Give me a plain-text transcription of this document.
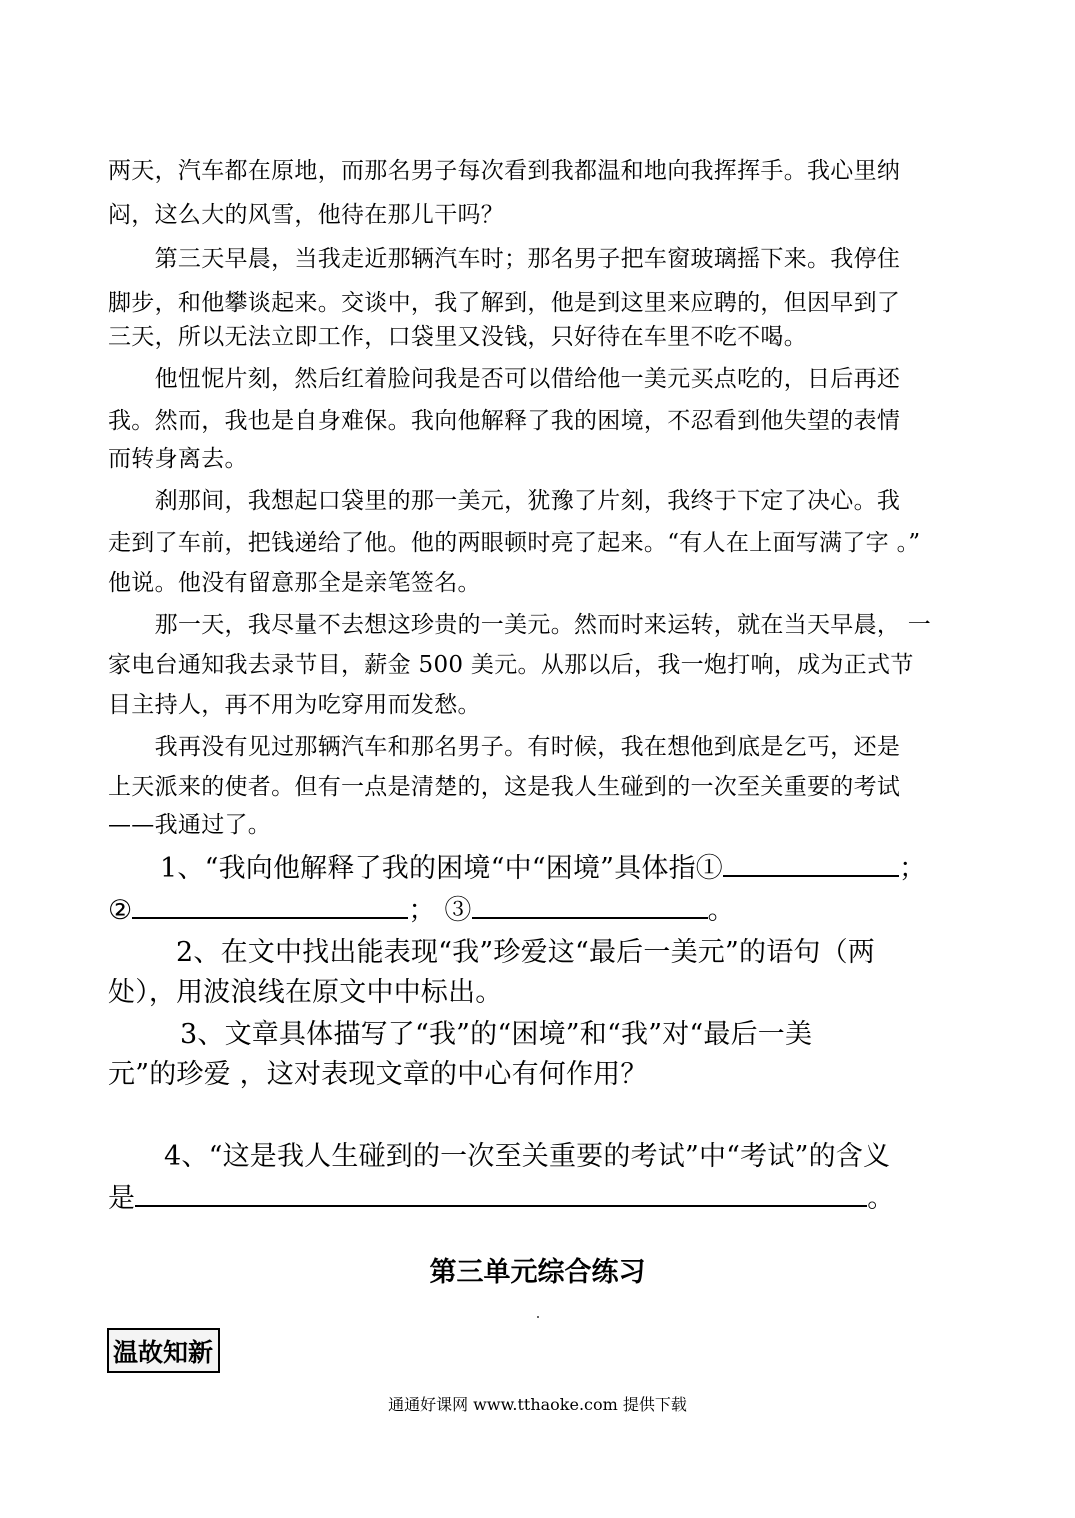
两天，汽车都在原地，而那名男子每次看到我都温和地向我挥挥手。我心里纳
闷，这么大的风雪，他待在那儿干吗？
　　第三天早晨，当我走近那辆汽车时；那名男子把车窗玻璃摇下来。我停住
脚步，和他攀谈起来。交谈中，我了解到，他是到这里来应聘的，但因早到了
三天，所以无法立即工作，口袋里又没钱，只好待在车里不吃不喝。
　　他忸怩片刻，然后红着脸问我是否可以借给他一美元买点吃的，日后再还
我。然而，我也是自身难保。我向他解释了我的困境，不忍看到他失望的表情
而转身离去。
　　刹那间，我想起口袋里的那一美元，犹豫了片刻，我终于下定了决心。我
走到了车前，把钱递给了他。他的两眼顿时亮了起来。“有人在上面写满了字 。”
他说。他没有留意那全是亲笔签名。
　　那一天，我尽量不去想这珍贵的一美元。然而时来运转，就在当天早晨， 一
家电台通知我去录节目，薪金 500 美元。从那以后，我一炮打响，成为正式节
目主持人，再不用为吃穿用而发愁。
　　我再没有见过那辆汽车和那名男子。有时候，我在想他到底是乞丐，还是
上天派来的使者。但有一点是清楚的，这是我人生碰到的一次至关重要的考试
——我通过了。
1、“我向他解释了我的困境“中“困境”具体指①	；
②	； ③	。
2、在文中找出能表现“我”珍爱这“最后一美元”的语句（两
处），用波浪线在原文中中标出。
3、文章具体描写了“我”的“困境”和“我”对“最后一美
元”的珍爱 ，这对表现文章的中心有何作用？
4、“这是我人生碰到的一次至关重要的考试”中“考试”的含义
是	。
第三单元综合练习
温故知新
通通好课网 www.tthaoke.com 提供下载
